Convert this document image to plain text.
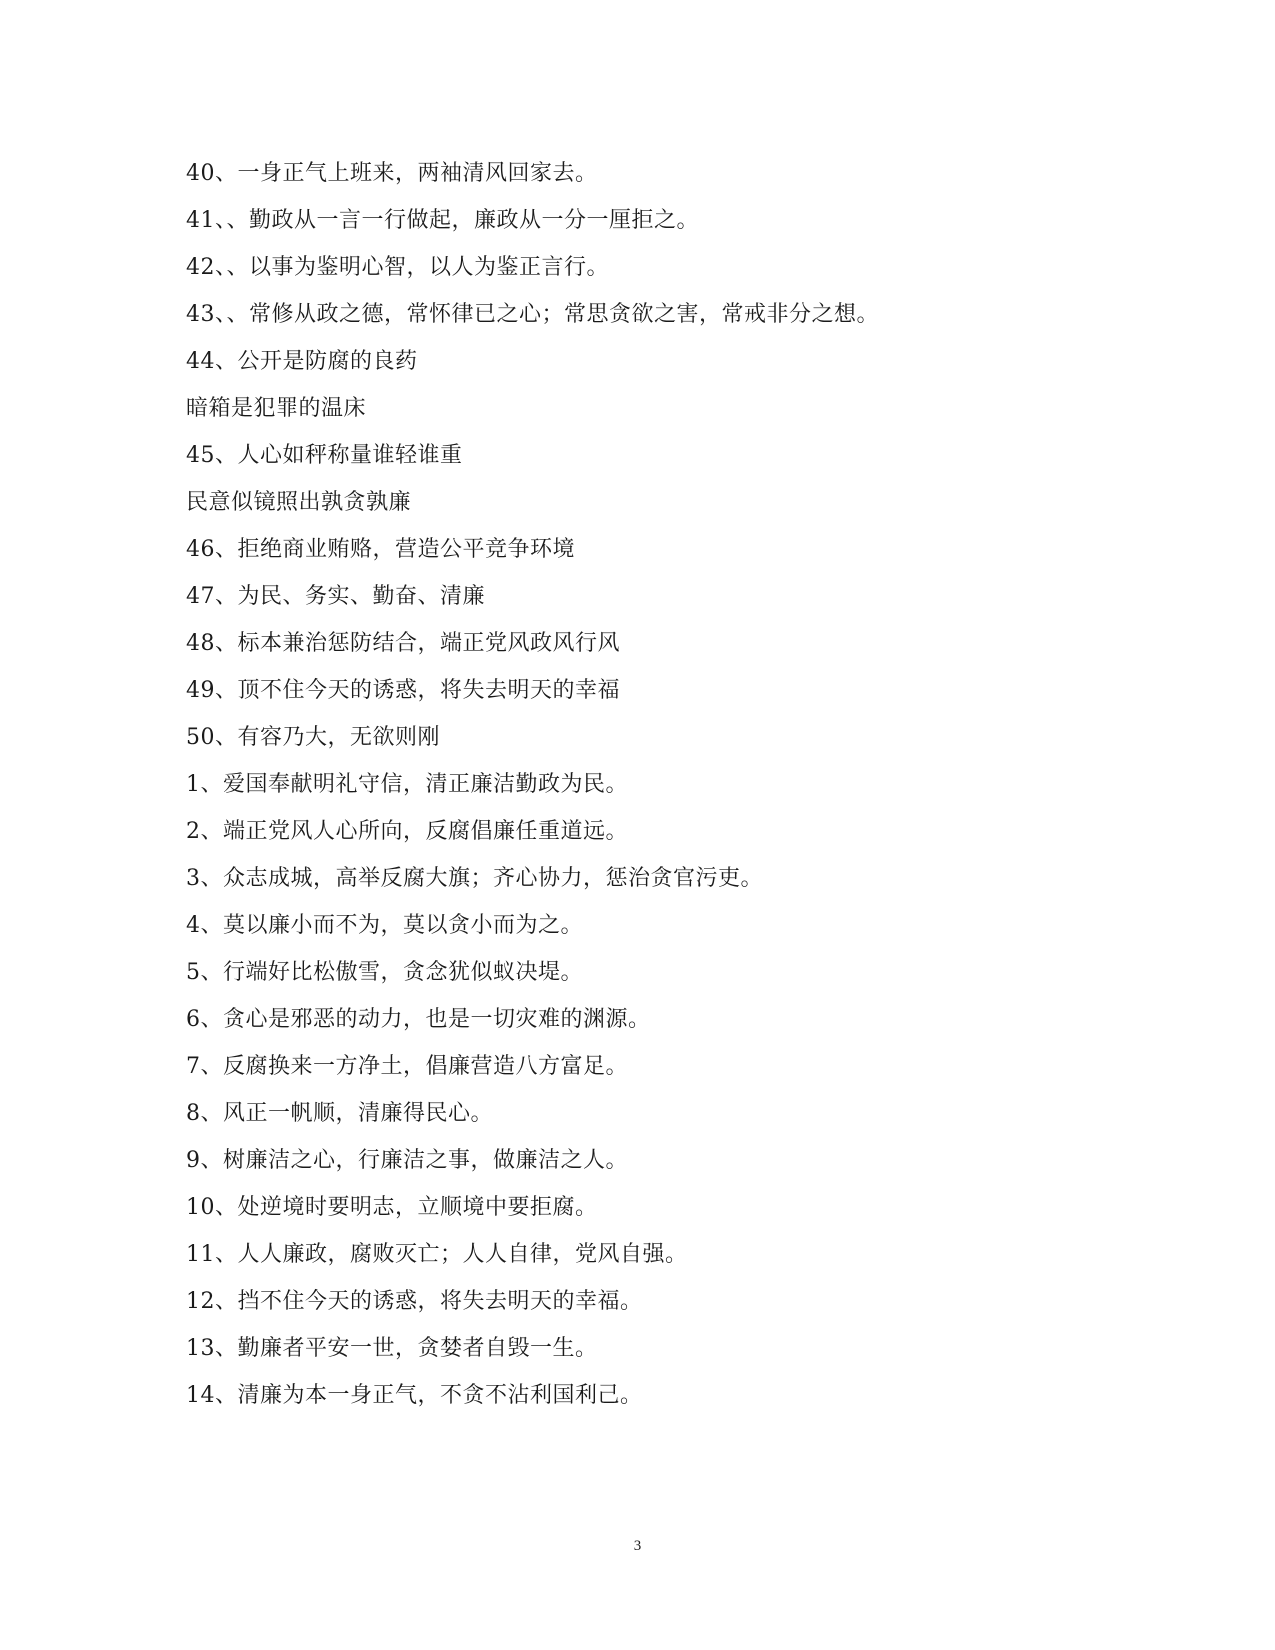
40、一身正气上班来，两袖清风回家去。
41、、勤政从一言一行做起，廉政从一分一厘拒之。
42、、以事为鉴明心智，以人为鉴正言行。
43、、常修从政之德，常怀律已之心；常思贪欲之害，常戒非分之想。
44、公开是防腐的良药
暗箱是犯罪的温床
45、人心如秤称量谁轻谁重
民意似镜照出孰贪孰廉
46、拒绝商业贿赂，营造公平竞争环境
47、为民、务实、勤奋、清廉
48、标本兼治惩防结合，端正党风政风行风
49、顶不住今天的诱惑，将失去明天的幸福
50、有容乃大，无欲则刚
1、爱国奉献明礼守信，清正廉洁勤政为民。
2、端正党风人心所向，反腐倡廉任重道远。
3、众志成城，高举反腐大旗；齐心协力，惩治贪官污吏。
4、莫以廉小而不为，莫以贪小而为之。
5、行端好比松傲雪，贪念犹似蚁决堤。
6、贪心是邪恶的动力，也是一切灾难的渊源。
7、反腐换来一方净土，倡廉营造八方富足。
8、风正一帆顺，清廉得民心。
9、树廉洁之心，行廉洁之事，做廉洁之人。
10、处逆境时要明志，立顺境中要拒腐。
11、人人廉政，腐败灭亡；人人自律，党风自强。
12、挡不住今天的诱惑，将失去明天的幸福。
13、勤廉者平安一世，贪婪者自毁一生。
14、清廉为本一身正气，不贪不沾利国利己。
3
